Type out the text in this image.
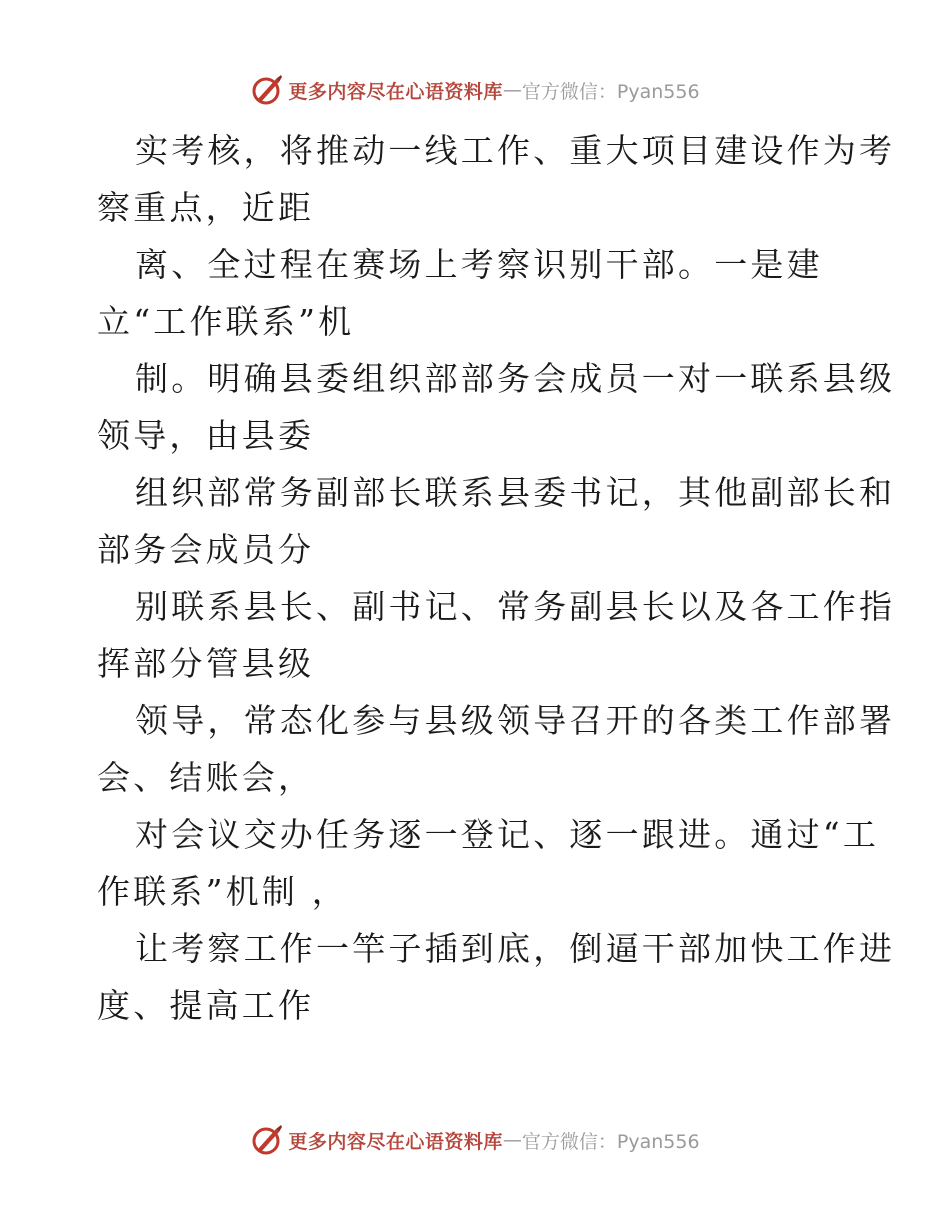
更多内容尽在心语资料库 — 官方微信：Pyan556
实考核，将推动一线工作、重大项目建设作为考
察重点，近距
离、全过程在赛场上考察识别干部。一是建
立“工作联系”机
制。明确县委组织部部务会成员一对一联系县级
领导，由县委
组织部常务副部长联系县委书记，其他副部长和
部务会成员分
别联系县长、副书记、常务副县长以及各工作指
挥部分管县级
领导，常态化参与县级领导召开的各类工作部署
会、结账会，
对会议交办任务逐一登记、逐一跟进。通过“工
作联系”机制 ，
让考察工作一竿子插到底，倒逼干部加快工作进
度、提高工作
更多内容尽在心语资料库 — 官方微信：Pyan556
